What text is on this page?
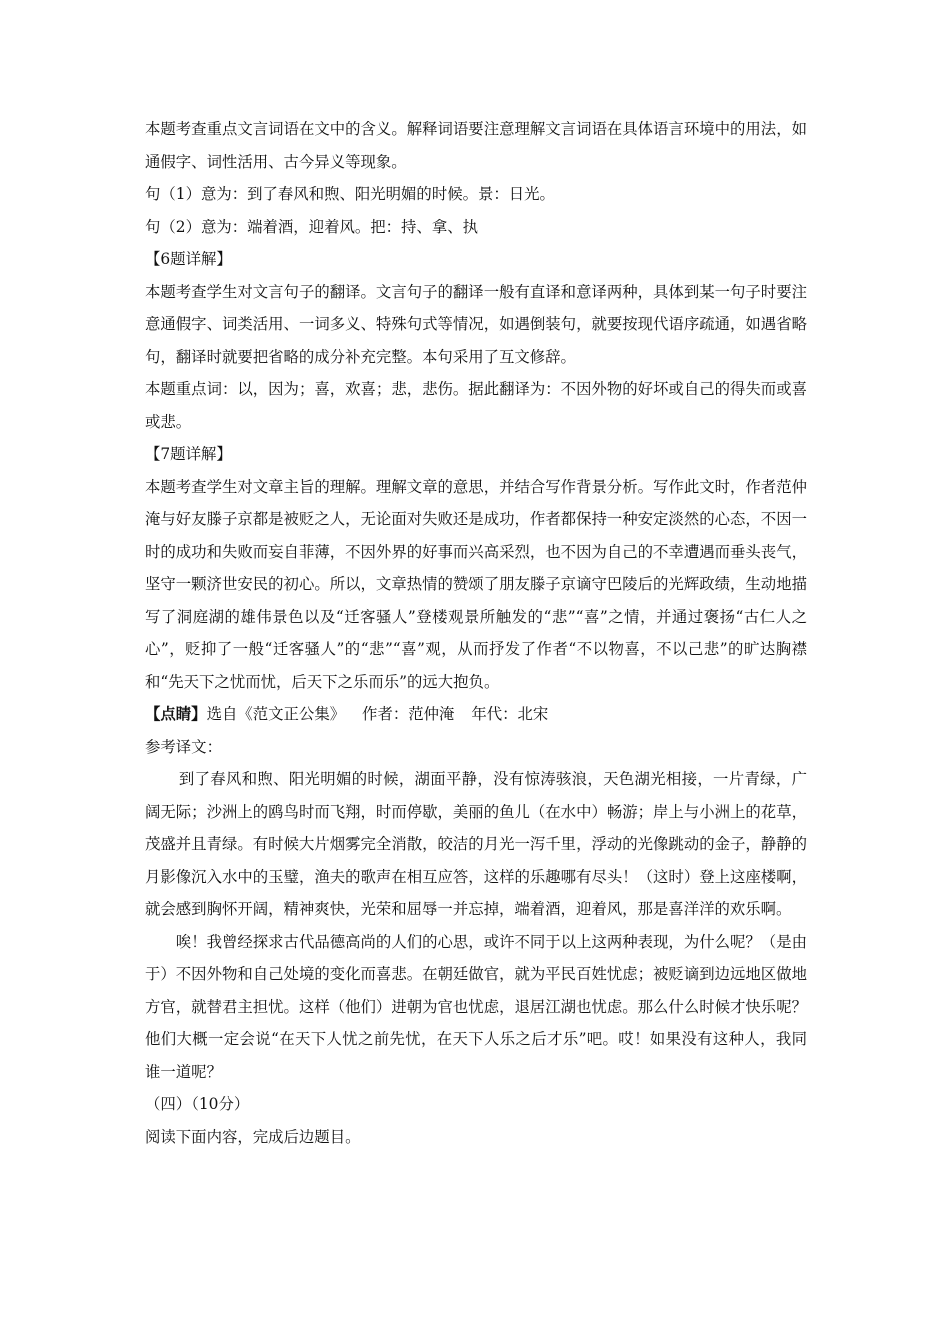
本题考查重点文言词语在文中的含义。解释词语要注意理解文言词语在具体语言环境中的用法，如通假字、词性活用、古今异义等现象。

句（1）意为：到了春风和煦、阳光明媚的时候。景：日光。

句（2）意为：端着酒，迎着风。把：持、拿、执

【6题详解】

本题考查学生对文言句子的翻译。文言句子的翻译一般有直译和意译两种，具体到某一句子时要注意通假字、词类活用、一词多义、特殊句式等情况，如遇倒装句，就要按现代语序疏通，如遇省略句，翻译时就要把省略的成分补充完整。本句采用了互文修辞。

本题重点词：以，因为；喜，欢喜；悲，悲伤。据此翻译为：不因外物的好坏或自己的得失而或喜或悲。

【7题详解】

本题考查学生对文章主旨的理解。理解文章的意思，并结合写作背景分析。写作此文时，作者范仲淹与好友滕子京都是被贬之人，无论面对失败还是成功，作者都保持一种安定淡然的心态，不因一时的成功和失败而妄自菲薄，不因外界的好事而兴高采烈，也不因为自己的不幸遭遇而垂头丧气，坚守一颗济世安民的初心。所以，文章热情的赞颂了朋友滕子京谪守巴陵后的光辉政绩，生动地描写了洞庭湖的雄伟景色以及“迁客骚人”登楼观景所触发的“悲”“喜”之情，并通过褒扬“古仁人之心”，贬抑了一般“迁客骚人”的“悲”“喜”观，从而抒发了作者“不以物喜，不以己悲”的旷达胸襟和“先天下之忧而忧，后天下之乐而乐”的远大抱负。

【点睛】选自《范文正公集》 作者：范仲淹 年代：北宋

参考译文：

到了春风和煦、阳光明媚的时候，湖面平静，没有惊涛骇浪，天色湖光相接，一片青绿，广阔无际；沙洲上的鸥鸟时而飞翔，时而停歇，美丽的鱼儿（在水中）畅游；岸上与小洲上的花草，茂盛并且青绿。有时候大片烟雾完全消散，皎洁的月光一泻千里，浮动的光像跳动的金子，静静的月影像沉入水中的玉璧，渔夫的歌声在相互应答，这样的乐趣哪有尽头！（这时）登上这座楼啊，就会感到胸怀开阔，精神爽快，光荣和屈辱一并忘掉，端着酒，迎着风，那是喜洋洋的欢乐啊。

唉！我曾经探求古代品德高尚的人们的心思，或许不同于以上这两种表现，为什么呢？（是由于）不因外物和自己处境的变化而喜悲。在朝廷做官，就为平民百姓忧虑；被贬谪到边远地区做地方官，就替君主担忧。这样（他们）进朝为官也忧虑，退居江湖也忧虑。那么什么时候才快乐呢？他们大概一定会说“在天下人忧之前先忧，在天下人乐之后才乐”吧。哎！如果没有这种人，我同谁一道呢？

（四）（10分）

阅读下面内容，完成后边题目。
